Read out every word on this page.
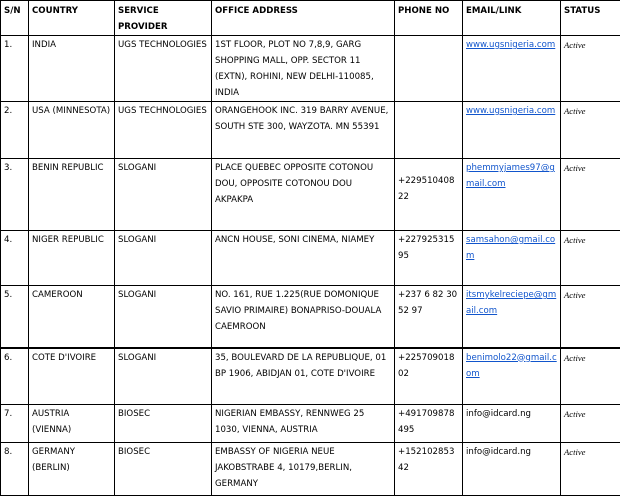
S/N	COUNTRY	SERVICE PROVIDER	OFFICE ADDRESS	PHONE NO	EMAIL/LINK	STATUS
1.	INDIA	UGS TECHNOLOGIES	1ST FLOOR, PLOT NO 7,8,9, GARG SHOPPING MALL, OPP. SECTOR 11 (EXTN), ROHINI, NEW DELHI-110085, INDIA		www.ugsnigeria.com	Active
2.	USA (MINNESOTA)	UGS TECHNOLOGIES	ORANGEHOOK INC. 319 BARRY AVENUE, SOUTH STE 300, WAYZOTA. MN 55391		www.ugsnigeria.com	Active
3.	BENIN REPUBLIC	SLOGANI	PLACE QUEBEC OPPOSITE COTONOU DOU, OPPOSITE COTONOU DOU AKPAKPA	+22951040822	phemmyjames97@gmail.com	Active
4.	NIGER REPUBLIC	SLOGANI	ANCN HOUSE, SONI CINEMA, NIAMEY	+22792531595	samsahon@gmail.com	Active
5.	CAMEROON	SLOGANI	NO. 161, RUE 1.225(RUE DOMONIQUE SAVIO PRIMAIRE) BONAPRISO-DOUALA CAEMROON	+237 6 82 30 52 97	itsmykelreciepe@gmail.com	Active
6.	COTE D'IVOIRE	SLOGANI	35, BOULEVARD DE LA REPUBLIQUE, 01 BP 1906, ABIDJAN 01, COTE D'IVOIRE	+22570901802	benimolo22@gmail.com	Active
7.	AUSTRIA (VIENNA)	BIOSEC	NIGERIAN EMBASSY, RENNWEG 25 1030, VIENNA, AUSTRIA	+491709878495	info@idcard.ng	Active
8.	GERMANY (BERLIN)	BIOSEC	EMBASSY OF NIGERIA NEUE JAKOBSTRABE 4, 10179,BERLIN, GERMANY	+15210285342	info@idcard.ng	Active
